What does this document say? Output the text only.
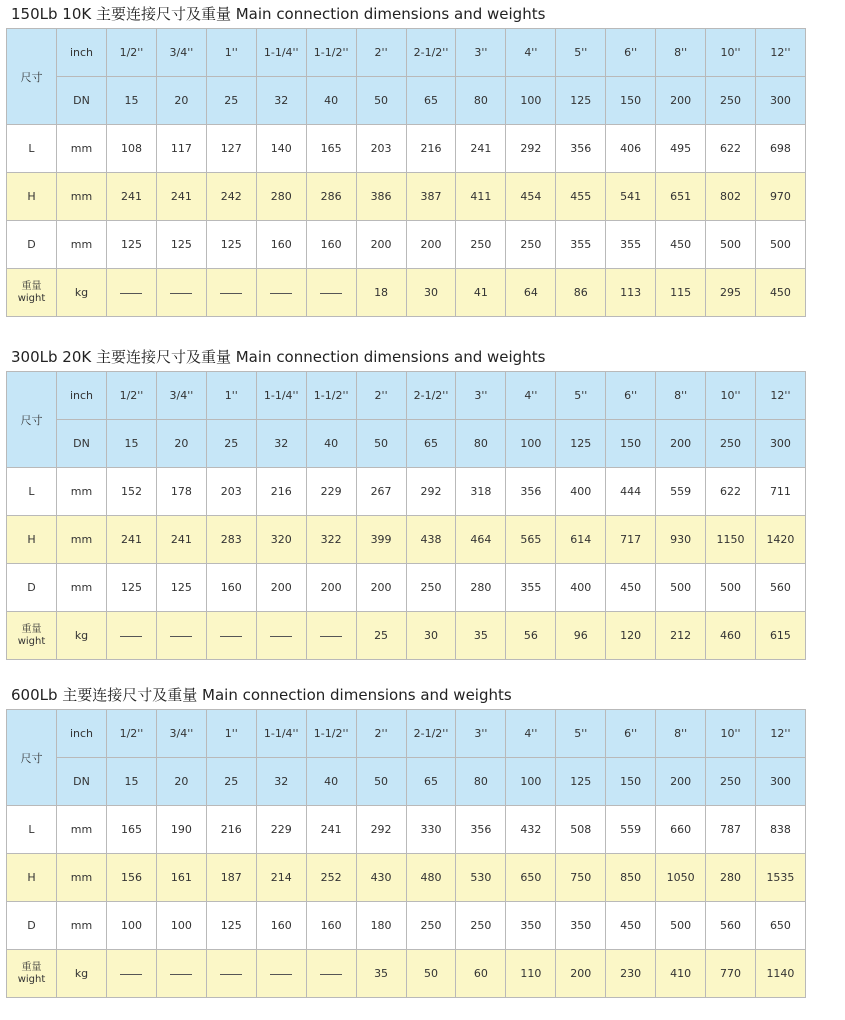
150Lb 10K 主要连接尺寸及重量 Main connection dimensions and weights
尺寸	inch	1/2''	3/4''	1''	1-1/4''	1-1/2''	2''	2-1/2''	3''	4''	5''	6''	8''	10''	12''
	DN	15	20	25	32	40	50	65	80	100	125	150	200	250	300
L	mm	108	117	127	140	165	203	216	241	292	356	406	495	622	698
H	mm	241	241	242	280	286	386	387	411	454	455	541	651	802	970
D	mm	125	125	125	160	160	200	200	250	250	355	355	450	500	500

重量
wight	kg						18	30	41	64	86	113	115	295	450
300Lb 20K 主要连接尺寸及重量 Main connection dimensions and weights
尺寸	inch	1/2''	3/4''	1''	1-1/4''	1-1/2''	2''	2-1/2''	3''	4''	5''	6''	8''	10''	12''
	DN	15	20	25	32	40	50	65	80	100	125	150	200	250	300
L	mm	152	178	203	216	229	267	292	318	356	400	444	559	622	711
H	mm	241	241	283	320	322	399	438	464	565	614	717	930	1150	1420
D	mm	125	125	160	200	200	200	250	280	355	400	450	500	500	560

重量
wight	kg						25	30	35	56	96	120	212	460	615
600Lb 主要连接尺寸及重量 Main connection dimensions and weights
尺寸	inch	1/2''	3/4''	1''	1-1/4''	1-1/2''	2''	2-1/2''	3''	4''	5''	6''	8''	10''	12''
	DN	15	20	25	32	40	50	65	80	100	125	150	200	250	300
L	mm	165	190	216	229	241	292	330	356	432	508	559	660	787	838
H	mm	156	161	187	214	252	430	480	530	650	750	850	1050	280	1535
D	mm	100	100	125	160	160	180	250	250	350	350	450	500	560	650

重量
wight	kg						35	50	60	110	200	230	410	770	1140
